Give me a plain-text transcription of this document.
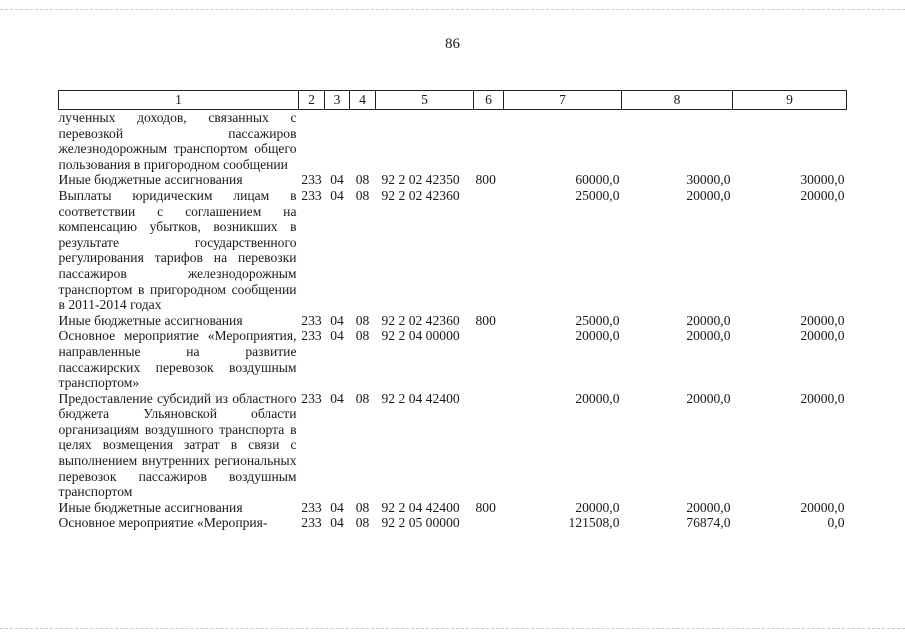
86
1	2	3	4	5	6	7	8	9
лученных доходов, связанных с перевозкой пассажиров железнодорожным транспортом общего пользования в пригородном сообщении								
Иные бюджетные ассигнования	233	04	08	92 2 02 42350	800	60000,0	30000,0	30000,0
Выплаты юридическим лицам в соответствии с соглашением на компенсацию убытков, возникших в результате государственного регулирования тарифов на перевозки пассажиров железнодорожным транспортом в пригородном сообщении в 2011-2014 годах	233	04	08	92 2 02 42360		25000,0	20000,0	20000,0
Иные бюджетные ассигнования	233	04	08	92 2 02 42360	800	25000,0	20000,0	20000,0
Основное мероприятие «Мероприятия, направленные на развитие пассажирских перевозок воздушным транспортом»	233	04	08	92 2 04 00000		20000,0	20000,0	20000,0
Предоставление субсидий из областного бюджета Ульяновской области организациям воздушного транспорта в целях возмещения затрат в связи с выполнением внутренних региональных перевозок пассажиров воздушным транспортом	233	04	08	92 2 04 42400		20000,0	20000,0	20000,0
Иные бюджетные ассигнования	233	04	08	92 2 04 42400	800	20000,0	20000,0	20000,0
Основное мероприятие «Мероприя-	233	04	08	92 2 05 00000		121508,0	76874,0	0,0
